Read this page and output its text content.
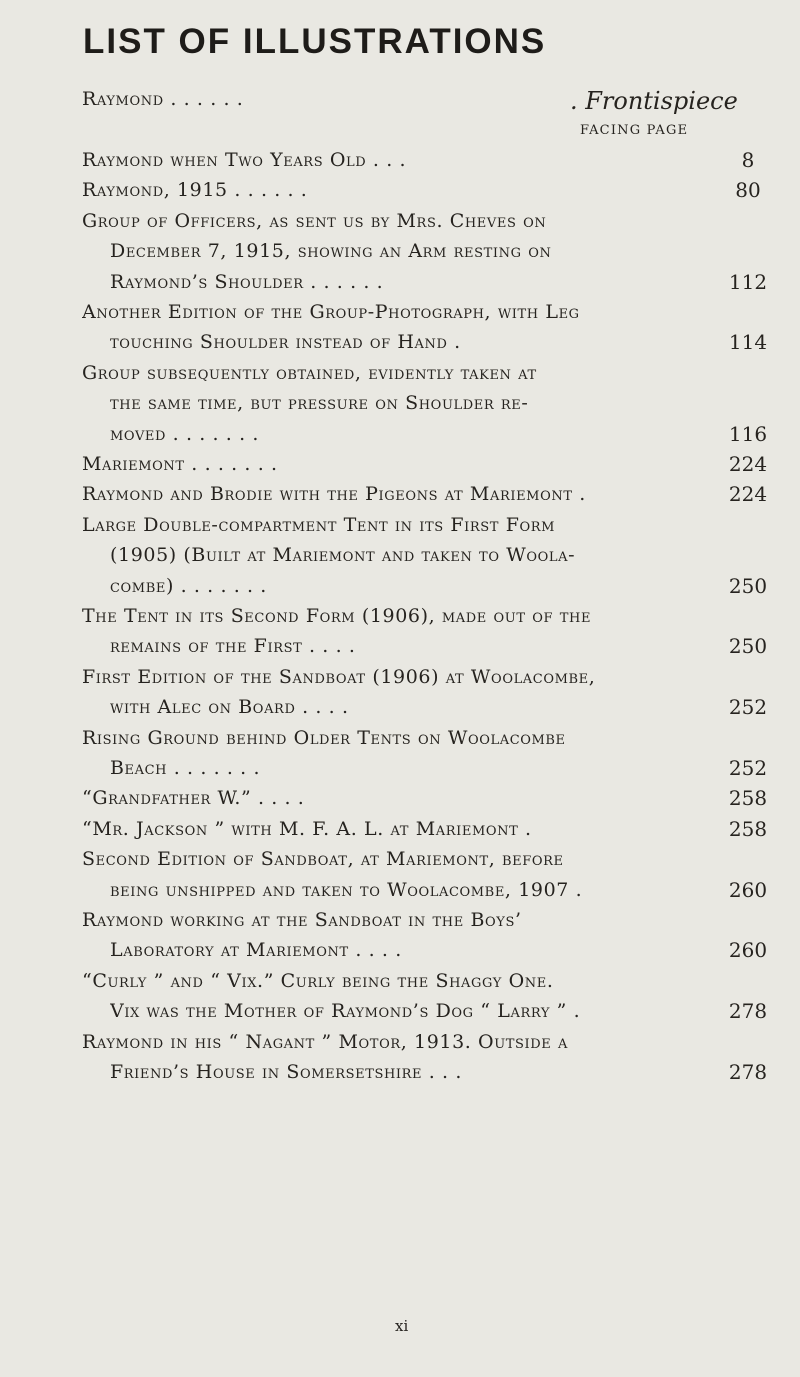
LIST OF ILLUSTRATIONS
Raymond . . . . . .	. Frontispiece
FACING PAGE
Raymond when Two Years Old . . .	8
Raymond, 1915 . . . . . .	80
Group of Officers, as sent us by Mrs. Cheves on
December 7, 1915, showing an Arm resting on
Raymond’s Shoulder . . . . . .	112
Another Edition of the Group-Photograph, with Leg
touching Shoulder instead of Hand .	114
Group subsequently obtained, evidently taken at
the same time, but pressure on Shoulder re-
moved . . . . . . .	116
Mariemont . . . . . . .	224
Raymond and Brodie with the Pigeons at Mariemont .	224
Large Double-compartment Tent in its First Form
(1905) (Built at Mariemont and taken to Woola-
combe) . . . . . . .	250
The Tent in its Second Form (1906), made out of the
remains of the First . . . .	250
First Edition of the Sandboat (1906) at Woolacombe,
with Alec on Board . . . .	252
Rising Ground behind Older Tents on Woolacombe
Beach . . . . . . .	252
“Grandfather W.” . . . .	258
“Mr. Jackson ” with M. F. A. L. at Mariemont .	258
Second Edition of Sandboat, at Mariemont, before
being unshipped and taken to Woolacombe, 1907 .	260
Raymond working at the Sandboat in the Boys’
Laboratory at Mariemont . . . .	260
“Curly ” and “ Vix.” Curly being the Shaggy One.
Vix was the Mother of Raymond’s Dog “ Larry ” .	278
Raymond in his “ Nagant ” Motor, 1913. Outside a
Friend’s House in Somersetshire . . .	278
xi
